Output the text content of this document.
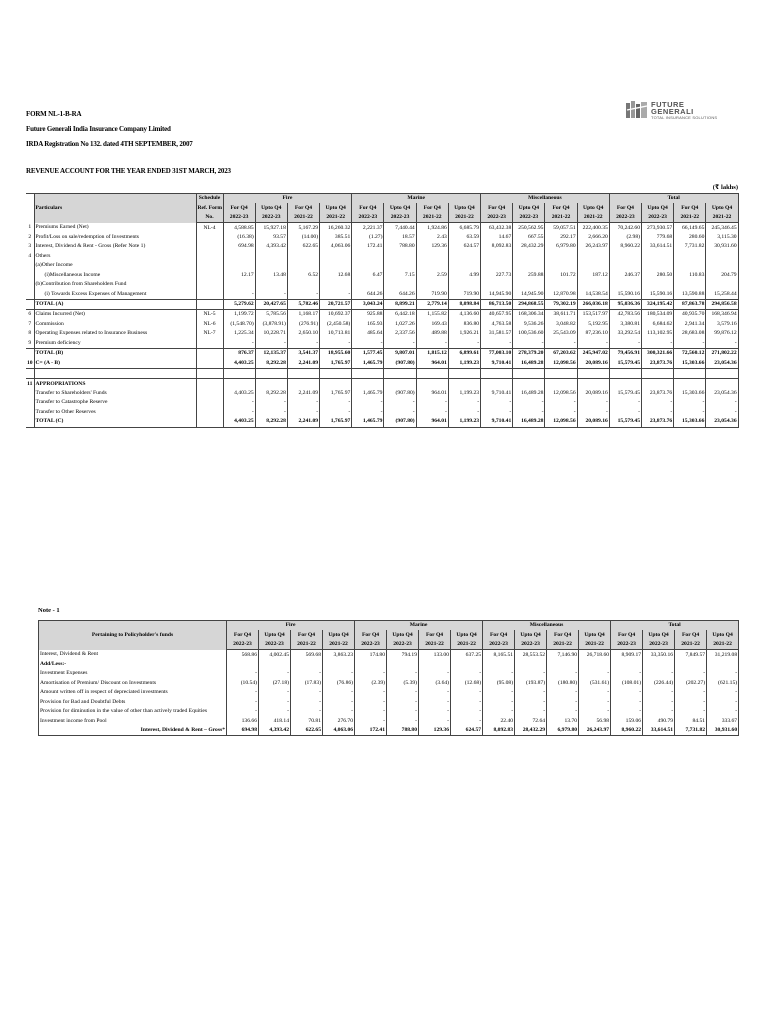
FORM NL-1-B-RA
Future Generali India Insurance Company Limited
IRDA Registration No 132. dated 4TH SEPTEMBER, 2007
REVENUE ACCOUNT FOR THE YEAR ENDED 31ST MARCH, 2023
FUTURE
GENERALI
TOTAL INSURANCE SOLUTIONS
(₹ lakhs)
	Particulars	Schedule	Fire				Marine				Miscellaneous				Total			
		Ref. Form	For Q4	Upto Q4	For Q4	Upto Q4	For Q4	Upto Q4	For Q4	Upto Q4	For Q4	Upto Q4	For Q4	Upto Q4	For Q4	Upto Q4	For Q4	Upto Q4
		No.	2022-23	2022-23	2021-22	2021-22	2022-23	2022-23	2021-22	2021-22	2022-23	2022-23	2021-22	2021-22	2022-23	2022-23	2021-22	2021-22
1	Premiums Earned (Net)	NL-4	4,588.85	15,927.18	5,167.29	16,260.32	2,221.37	7,440.44	1,924.86	6,685.79	63,432.38	250,562.95	59,057.51	222,400.35	70,242.60	273,930.57	66,149.65	245,346.45
2	Profit/Loss on sale/redemption of Investments		(16.38)	93.57	(14.00)	385.51	(1.27)	18.57	2.43	63.59	14.67	667.55	292.17	2,666.20	(2.98)	779.68	280.60	3,115.30
3	Interest, Dividend & Rent - Gross (Refer Note 1)		694.98	4,393.42	622.65	4,063.06	172.41	788.80	129.36	624.57	8,092.83	28,432.29	6,979.80	26,243.97	8,960.22	33,614.51	7,731.82	30,931.60
4	Others																	
	(a)Other Income																	
	(i)Miscellaneous Income		12.17	13.48	6.52	12.68	6.47	7.15	2.59	4.99	227.73	259.88	101.72	187.12	246.37	280.50	110.83	204.79
	(b)Contribution from Shareholders Fund																	
	(i) Towards Excess Expenses of Management		-	-	-	-	644.26	644.26	719.90	719.90	14,945.90	14,945.90	12,870.98	14,538.54	15,590.16	15,590.16	13,590.88	15,258.44
	TOTAL (A)		5,279.62	20,427.65	5,782.46	20,721.57	3,043.24	8,899.21	2,779.14	8,098.84	86,713.50	294,868.55	79,302.19	266,036.18	95,036.36	324,195.42	87,863.78	294,856.58
6	Claims Incurred (Net)	NL-5	1,199.72	5,785.56	1,168.17	10,692.37	925.88	6,442.18	1,155.82	4,136.60	40,657.95	168,306.34	38,611.71	153,517.97	42,783.56	180,534.09	40,935.70	168,346.94
7	Commission	NL-6	(1,548.70)	(3,878.91)	(276.91)	(2,450.58)	165.93	1,027.26	169.43	836.80	4,763.58	9,536.26	3,048.82	5,192.95	3,380.81	6,684.62	2,941.34	3,579.16
8	Operating Expenses related to Insurance Business	NL-7	1,225.34	10,228.71	2,650.10	10,713.81	485.64	2,337.56	489.88	1,926.21	31,581.57	100,536.60	25,543.09	87,236.10	33,292.54	113,102.95	28,683.08	99,876.12
9	Premium deficiency		-	-	-	-	-	-	-	-	-	-	-	-	-	-	-	-
	TOTAL (B)		876.37	12,135.37	3,541.37	18,955.60	1,577.45	9,807.01	1,815.12	6,899.61	77,003.10	278,379.20	67,203.62	245,947.02	79,456.91	300,321.66	72,560.12	271,802.22
10	C= (A - B)		4,403.25	8,292.28	2,241.09	1,765.97	1,465.79	(907.80)	964.01	1,199.23	9,710.41	16,489.28	12,098.56	20,089.16	15,579.45	23,873.76	15,303.66	23,054.36

11	APPROPRIATIONS																	
	Transfer to Shareholders' Funds		4,403.25	8,292.28	2,241.09	1,765.97	1,465.79	(907.80)	964.01	1,199.23	9,710.41	16,489.28	12,098.56	20,089.16	15,579.45	23,873.76	15,303.66	23,054.36
	Transfer to Catastrophe Reserve		-	-	-	-	-	-	-	-	-	-	-	-	-	-	-	-
	Transfer to Other Reserves		-	-	-	-	-	-	-	-	-	-	-	-	-	-	-	-
	TOTAL (C)		4,403.25	8,292.28	2,241.09	1,765.97	1,465.79	(907.80)	964.01	1,199.23	9,710.41	16,489.28	12,098.56	20,089.16	15,579.45	23,873.76	15,303.66	23,054.36
Note - 1
Pertaining to Policyholder's funds	Fire				Marine				Miscellaneous				Total			
	For Q4	Upto Q4	For Q4	Upto Q4	For Q4	Upto Q4	For Q4	Upto Q4	For Q4	Upto Q4	For Q4	Upto Q4	For Q4	Upto Q4	For Q4	Upto Q4
	2022-23	2022-23	2021-22	2021-22	2022-23	2022-23	2021-22	2021-22	2022-23	2022-23	2021-22	2021-22	2022-23	2022-23	2021-22	2021-22
Interest, Dividend & Rent	568.86	4,002.45	569.68	3,863.23	174.80	794.19	133.00	637.25	8,165.51	28,553.52	7,146.90	26,718.60	8,909.17	33,350.16	7,849.57	31,219.08
Add/Less:-																
Investment Expenses	-	-	-	-	-	-	-	-	-	-	-	-	-	-	-	-
Amortisation of Premium/ Discount on Investments	(10.54)	(27.18)	(17.83)	(76.86)	(2.39)	(5.39)	(3.64)	(12.68)	(95.08)	(193.87)	(180.80)	(531.61)	(108.01)	(226.44)	(202.27)	(621.15)
Amount written off in respect of depreciated investments	-	-	-	-	-	-	-	-	-	-	-	-	-	-	-	-
Provision for Bad and Doubtful Debts	-	-	-	-	-	-	-	-	-	-	-	-	-	-	-	-
Provision for diminution in the value of other than actively traded Equities	-	-	-	-	-	-	-	-	-	-	-	-	-	-	-	-
Investment income from Pool	136.66	418.14	70.81	276.70	-	-	-	-	22.40	72.64	13.70	56.98	159.06	490.79	84.51	333.67
Interest, Dividend & Rent – Gross*	694.98	4,393.42	622.65	4,063.06	172.41	788.80	129.36	624.57	8,092.83	28,432.29	6,979.80	26,243.97	8,960.22	33,614.51	7,731.82	30,931.60
